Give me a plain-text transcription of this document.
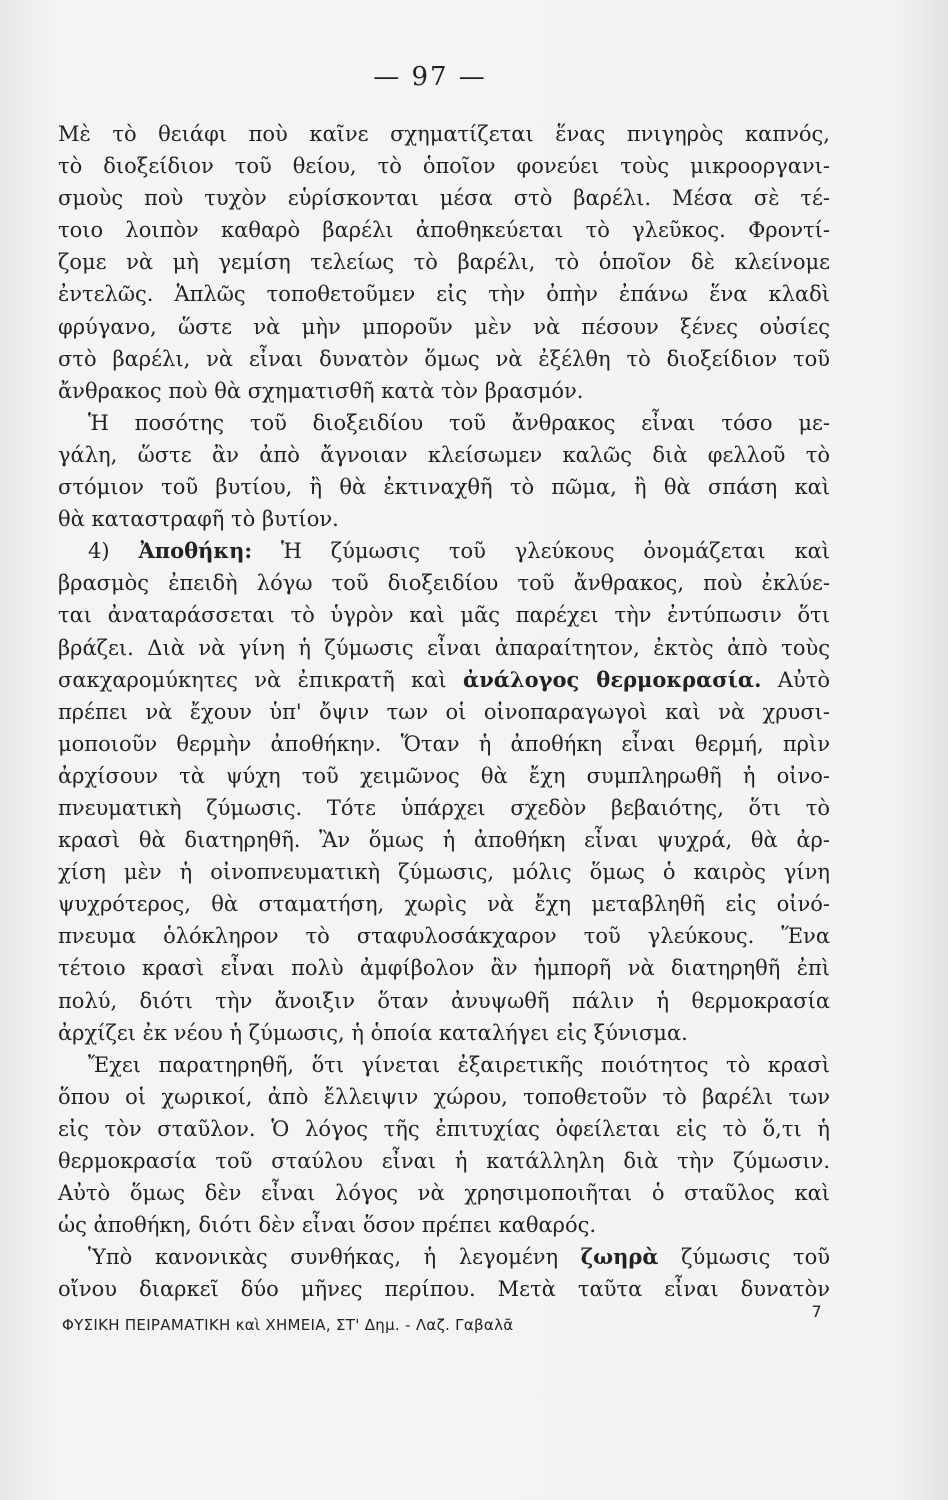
— 97 —
Μὲ τὸ θειάφι ποὺ καῖνε σχηματίζεται ἕνας πνιγηρὸς καπνός,
τὸ διοξείδιον τοῦ θείου, τὸ ὁποῖον φονεύει τοὺς μικροοργανι-
σμοὺς ποὺ τυχὸν εὑρίσκονται μέσα στὸ βαρέλι. Μέσα σὲ τέ-
τοιο λοιπὸν καθαρὸ βαρέλι ἀποθηκεύεται τὸ γλεῦκος. Φροντί-
ζομε νὰ μὴ γεμίση τελείως τὸ βαρέλι, τὸ ὁποῖον δὲ κλείνομε
ἐντελῶς. Ἁπλῶς τοποθετοῦμεν εἰς τὴν ὀπὴν ἐπάνω ἕνα κλαδὶ
φρύγανο, ὥστε νὰ μὴν μποροῦν μὲν νὰ πέσουν ξένες οὐσίες
στὸ βαρέλι, νὰ εἶναι δυνατὸν ὅμως νὰ ἐξέλθη τὸ διοξείδιον τοῦ
ἄνθρακος ποὺ θὰ σχηματισθῆ κατὰ τὸν βρασμόν.
Ἡ ποσότης τοῦ διοξειδίου τοῦ ἄνθρακος εἶναι τόσο με-
γάλη, ὥστε ἂν ἀπὸ ἄγνοιαν κλείσωμεν καλῶς διὰ φελλοῦ τὸ
στόμιον τοῦ βυτίου, ἢ θὰ ἐκτιναχθῆ τὸ πῶμα, ἢ θὰ σπάση καὶ
θὰ καταστραφῆ τὸ βυτίον.
4) Ἀποθήκη: Ἡ ζύμωσις τοῦ γλεύκους ὀνομάζεται καὶ
βρασμὸς ἐπειδὴ λόγω τοῦ διοξειδίου τοῦ ἄνθρακος, ποὺ ἐκλύε-
ται ἀναταράσσεται τὸ ὑγρὸν καὶ μᾶς παρέχει τὴν ἐντύπωσιν ὅτι
βράζει. Διὰ νὰ γίνη ἡ ζύμωσις εἶναι ἀπαραίτητον, ἐκτὸς ἀπὸ τοὺς
σακχαρομύκητες νὰ ἐπικρατῆ καὶ ἀνάλογος θερμοκρασία. Αὐτὸ
πρέπει νὰ ἔχουν ὑπ' ὄψιν των οἱ οἰνοπαραγωγοὶ καὶ νὰ χρυσι-
μοποιοῦν θερμὴν ἀποθήκην. Ὅταν ἡ ἀποθήκη εἶναι θερμή, πρὶν
ἀρχίσουν τὰ ψύχη τοῦ χειμῶνος θὰ ἔχη συμπληρωθῆ ἡ οἰνο-
πνευματικὴ ζύμωσις. Τότε ὑπάρχει σχεδὸν βεβαιότης, ὅτι τὸ
κρασὶ θὰ διατηρηθῆ. Ἂν ὅμως ἡ ἀποθήκη εἶναι ψυχρά, θὰ ἀρ-
χίση μὲν ἡ οἰνοπνευματικὴ ζύμωσις, μόλις ὅμως ὁ καιρὸς γίνη
ψυχρότερος, θὰ σταματήση, χωρὶς νὰ ἔχη μεταβληθῆ εἰς οἰνό-
πνευμα ὁλόκληρον τὸ σταφυλοσάκχαρον τοῦ γλεύκους. Ἕνα
τέτοιο κρασὶ εἶναι πολὺ ἀμφίβολον ἂν ἠμπορῆ νὰ διατηρηθῆ ἐπὶ
πολύ, διότι τὴν ἄνοιξιν ὅταν ἀνυψωθῆ πάλιν ἡ θερμοκρασία
ἀρχίζει ἐκ νέου ἡ ζύμωσις, ἡ ὁποία καταλήγει εἰς ξύνισμα.
Ἔχει παρατηρηθῆ, ὅτι γίνεται ἐξαιρετικῆς ποιότητος τὸ κρασὶ
ὅπου οἱ χωρικοί, ἀπὸ ἔλλειψιν χώρου, τοποθετοῦν τὸ βαρέλι των
εἰς τὸν σταῦλον. Ὁ λόγος τῆς ἐπιτυχίας ὀφείλεται εἰς τὸ ὅ,τι ἡ
θερμοκρασία τοῦ σταύλου εἶναι ἡ κατάλληλη διὰ τὴν ζύμωσιν.
Αὐτὸ ὅμως δὲν εἶναι λόγος νὰ χρησιμοποιῆται ὁ σταῦλος καὶ
ὡς ἀποθήκη, διότι δὲν εἶναι ὅσον πρέπει καθαρός.
Ὑπὸ κανονικὰς συνθήκας, ἡ λεγομένη ζωηρὰ ζύμωσις τοῦ
οἴνου διαρκεῖ δύο μῆνες περίπου. Μετὰ ταῦτα εἶναι δυνατὸν
ΦΥΣΙΚΗ ΠΕΙΡΑΜΑΤΙΚΗ καὶ ΧΗΜΕΙΑ, ΣΤ' Δημ. - Λαζ. Γαβαλᾶ
7
